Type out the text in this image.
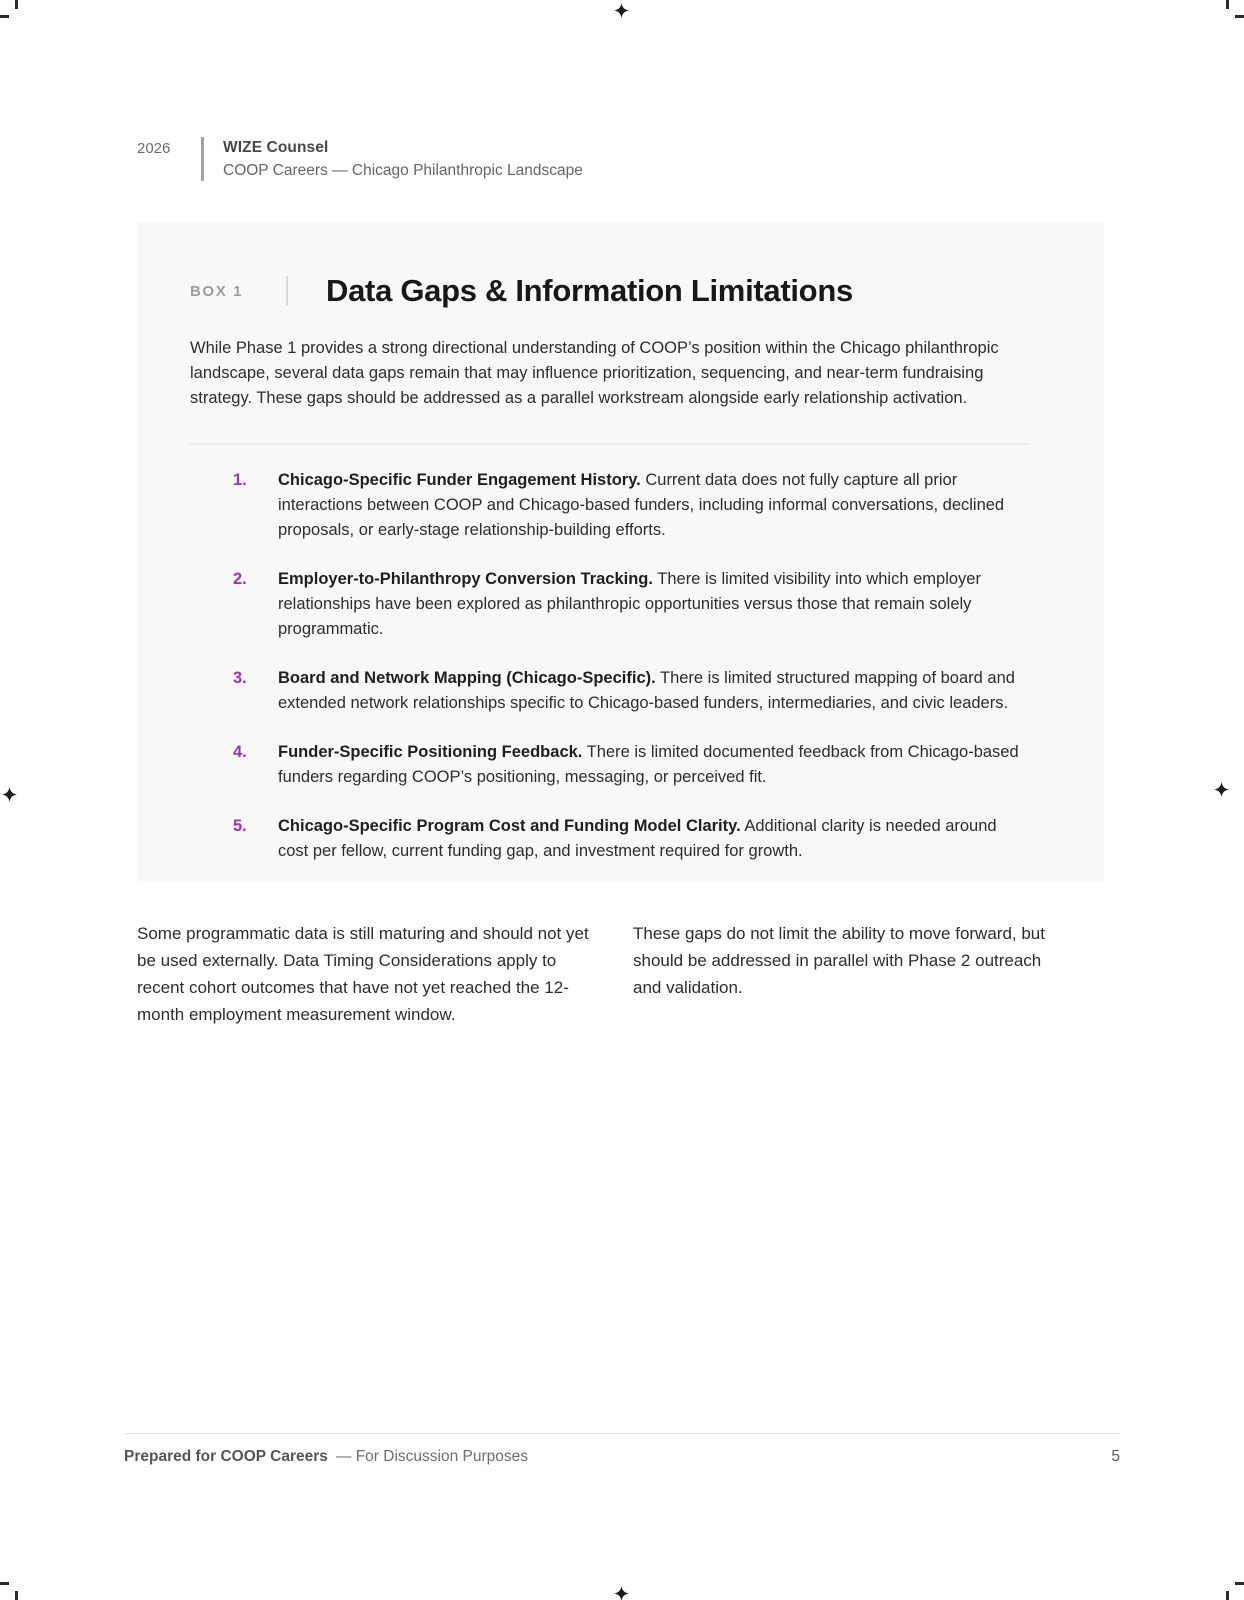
2026	WIZE Counsel
COOP Careers — Chicago Philanthropic Landscape
BOX 1	Data Gaps & Information Limitations

While Phase 1 provides a strong directional understanding of COOP’s position within the Chicago philanthropic landscape, several data gaps remain that may influence prioritization, sequencing, and near-term fundraising strategy. These gaps should be addressed as a parallel workstream alongside early relationship activation.

1.	Chicago-Specific Funder Engagement History. Current data does not fully capture all prior interactions between COOP and Chicago-based funders, including informal conversations, declined proposals, or early-stage relationship-building efforts.
2.	Employer-to-Philanthropy Conversion Tracking. There is limited visibility into which employer relationships have been explored as philanthropic opportunities versus those that remain solely programmatic.
3.	Board and Network Mapping (Chicago-Specific). There is limited structured mapping of board and extended network relationships specific to Chicago-based funders, intermediaries, and civic leaders.
4.	Funder-Specific Positioning Feedback. There is limited documented feedback from Chicago-based funders regarding COOP’s positioning, messaging, or perceived fit.
5.	Chicago-Specific Program Cost and Funding Model Clarity. Additional clarity is needed around cost per fellow, current funding gap, and investment required for growth.

Some programmatic data is still maturing and should not yet be used externally. Data Timing Considerations apply to recent cohort outcomes that have not yet reached the 12-month employment measurement window.

These gaps do not limit the ability to move forward, but should be addressed in parallel with Phase 2 outreach and validation.

Prepared for COOP Careers — For Discussion Purposes	5
